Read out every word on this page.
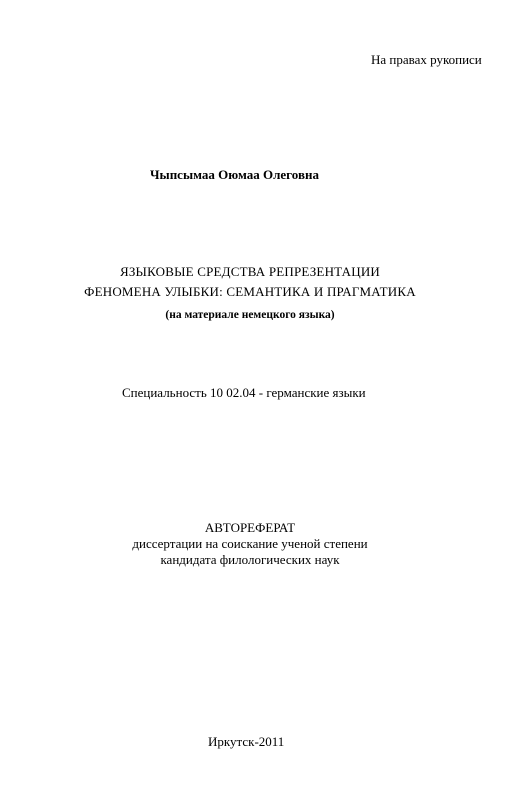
На правах рукописи
Чыпсымаа Оюмаа Олеговна
ЯЗЫКОВЫЕ СРЕДСТВА РЕПРЕЗЕНТАЦИИ
ФЕНОМЕНА УЛЫБКИ: СЕМАНТИКА И ПРАГМАТИКА
(на материале немецкого языка)
Специальность 10 02.04 - германские языки
АВТОРЕФЕРАТ
диссертации на соискание ученой степени
кандидата филологических наук
Иркутск-2011
